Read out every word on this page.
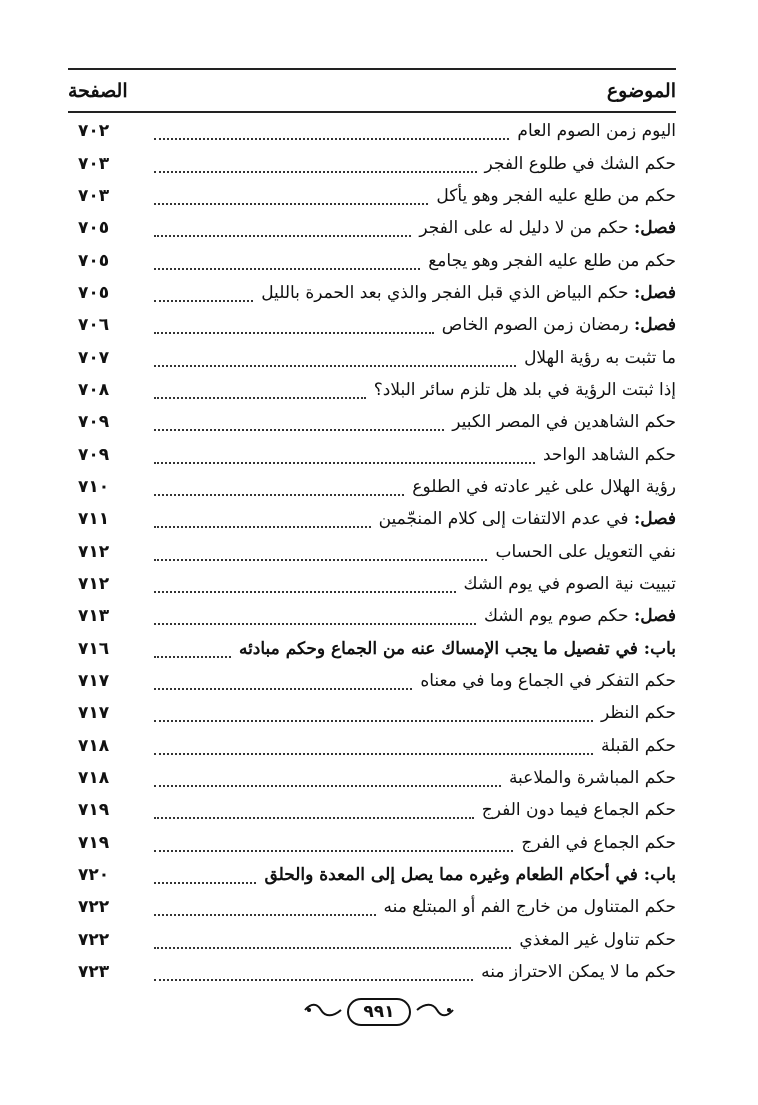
الموضوع
الصفحة
اليوم زمن الصوم العام
٧٠٢
حكم الشك في طلوع الفجر
٧٠٣
حكم من طلع عليه الفجر وهو يأكل
٧٠٣
فصل: حكم من لا دليل له على الفجر
٧٠٥
حكم من طلع عليه الفجر وهو يجامع
٧٠٥
فصل: حكم البياض الذي قبل الفجر والذي بعد الحمرة بالليل
٧٠٥
فصل: رمضان زمن الصوم الخاص
٧٠٦
ما تثبت به رؤية الهلال
٧٠٧
إذا ثبتت الرؤية في بلد هل تلزم سائر البلاد؟
٧٠٨
حكم الشاهدين في المصر الكبير
٧٠٩
حكم الشاهد الواحد
٧٠٩
رؤية الهلال على غير عادته في الطلوع
٧١٠
فصل: في عدم الالتفات إلى كلام المنجّمين
٧١١
نفي التعويل على الحساب
٧١٢
تبييت نية الصوم في يوم الشك
٧١٢
فصل: حكم صوم يوم الشك
٧١٣
باب: في تفصيل ما يجب الإمساك عنه من الجماع وحكم مبادئه
٧١٦
حكم التفكر في الجماع وما في معناه
٧١٧
حكم النظر
٧١٧
حكم القبلة
٧١٨
حكم المباشرة والملاعبة
٧١٨
حكم الجماع فيما دون الفرج
٧١٩
حكم الجماع في الفرج
٧١٩
باب: في أحكام الطعام وغيره مما يصل إلى المعدة والحلق
٧٢٠
حكم المتناول من خارج الفم أو المبتلع منه
٧٢٢
حكم تناول غير المغذي
٧٢٢
حكم ما لا يمكن الاحتراز منه
٧٢٣
٩٩١
